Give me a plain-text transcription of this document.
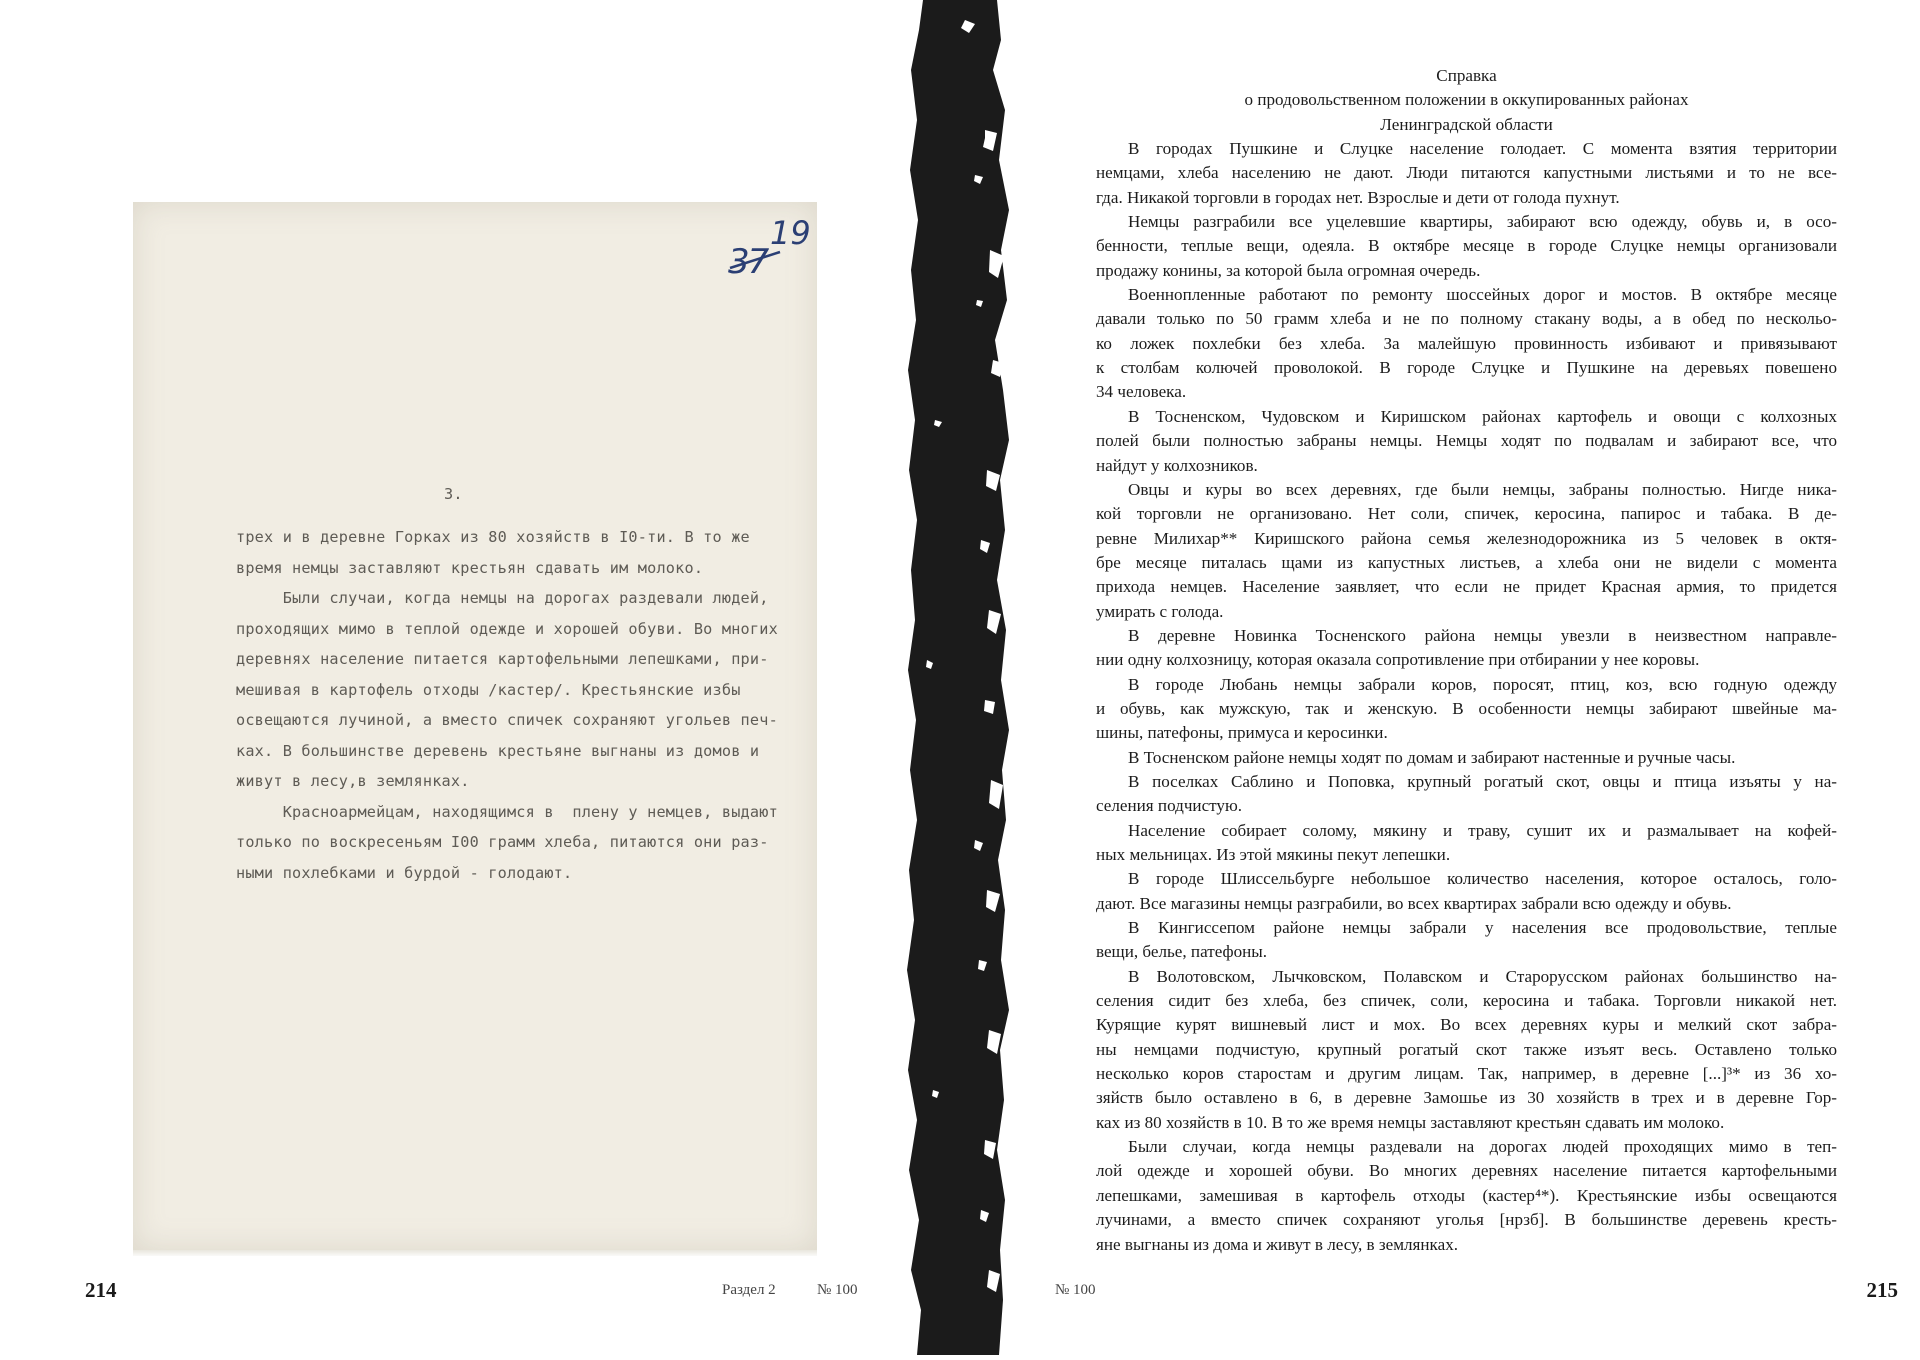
37
19

3.

трех и в деревне Горках из 80 хозяйств в I0-ти. В то же
время немцы заставляют крестьян сдавать им молоко.
Были случаи, когда немцы на дорогах раздевали людей,
проходящих мимо в теплой одежде и хорошей обуви. Во многих
деревнях население питается картофельными лепешками, при-
мешивая в картофель отходы /кастер/. Крестьянские избы
освещаются лучиной, а вместо спичек сохраняют угольев печ-
ках. В большинстве деревень крестьяне выгнаны из домов и
живут в лесу,в землянках.
Красноармейцам, находящимся в  плену у немцев, выдают
только по воскресеньям I00 грамм хлеба, питаются они раз-
ными похлебками и бурдой - голодают.
214	Раздел 2	№ 100
Справка
о продовольственном положении в оккупированных районах
Ленинградской области
В городах Пушкине и Слуцке население голодает. С момента взятия территории
немцами, хлеба населению не дают. Люди питаются капустными листьями и то не все-
гда. Никакой торговли в городах нет. Взрослые и дети от голода пухнут.
Немцы разграбили все уцелевшие квартиры, забирают всю одежду, обувь и, в осо-
бенности, теплые вещи, одеяла. В октябре месяце в городе Слуцке немцы организовали
продажу конины, за которой была огромная очередь.
Военнопленные работают по ремонту шоссейных дорог и мостов. В октябре месяце
давали только по 50 грамм хлеба и не по полному стакану воды, а в обед по нескольо-
ко ложек похлебки без хлеба. За малейшую провинность избивают и привязывают
к столбам колючей проволокой. В городе Слуцке и Пушкине на деревьях повешено
34 человека.
В Тосненском, Чудовском и Киришском районах картофель и овощи с колхозных
полей были полностью забраны немцы. Немцы ходят по подвалам и забирают все, что
найдут у колхозников.
Овцы и куры во всех деревнях, где были немцы, забраны полностью. Нигде ника-
кой торговли не организовано. Нет соли, спичек, керосина, папирос и табака. В де-
ревне Милихар** Киришского района семья железнодорожника из 5 человек в октя-
бре месяце питалась щами из капустных листьев, а хлеба они не видели с момента
прихода немцев. Население заявляет, что если не придет Красная армия, то придется
умирать с голода.
В деревне Новинка Тосненского района немцы увезли в неизвестном направле-
нии одну колхозницу, которая оказала сопротивление при отбирании у нее коровы.
В городе Любань немцы забрали коров, поросят, птиц, коз, всю годную одежду
и обувь, как мужскую, так и женскую. В особенности немцы забирают швейные ма-
шины, патефоны, примуса и керосинки.
В Тосненском районе немцы ходят по домам и забирают настенные и ручные часы.
В поселках Саблино и Поповка, крупный рогатый скот, овцы и птица изъяты у на-
селения подчистую.
Население собирает солому, мякину и траву, сушит их и размалывает на кофей-
ных мельницах. Из этой мякины пекут лепешки.
В городе Шлиссельбурге небольшое количество населения, которое осталось, голо-
дают. Все магазины немцы разграбили, во всех квартирах забрали всю одежду и обувь.
В Кингиссепом районе немцы забрали у населения все продовольствие, теплые
вещи, белье, патефоны.
В Волотовском, Лычковском, Полавском и Старорусском районах большинство на-
селения сидит без хлеба, без спичек, соли, керосина и табака. Торговли никакой нет.
Курящие курят вишневый лист и мох. Во всех деревнях куры и мелкий скот забра-
ны немцами подчистую, крупный рогатый скот также изъят весь. Оставлено только
несколько коров старостам и другим лицам. Так, например, в деревне [...]³* из 36 хо-
зяйств было оставлено в 6, в деревне Замошье из 30 хозяйств в трех и в деревне Гор-
ках из 80 хозяйств в 10. В то же время немцы заставляют крестьян сдавать им молоко.
Были случаи, когда немцы раздевали на дорогах людей проходящих мимо в теп-
лой одежде и хорошей обуви. Во многих деревнях население питается картофельными
лепешками, замешивая в картофель отходы (кастер⁴*). Крестьянские избы освещаются
лучинами, а вместо спичек сохраняют уголья [нрзб]. В большинстве деревень кресть-
яне выгнаны из дома и живут в лесу, в землянках.
№ 100	215
